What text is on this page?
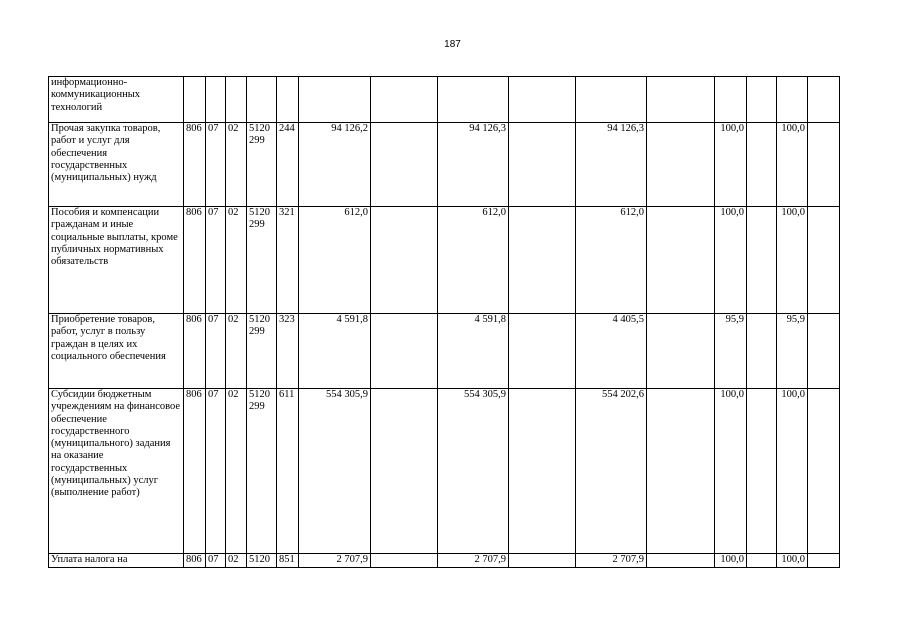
187
информационно-коммуникационных технологий															
Прочая закупка товаров, работ и услуг для обеспечения государственных (муниципальных) нужд	806	07	02	5120 299	244	94 126,2		94 126,3		94 126,3		100,0		100,0	
Пособия и компенсации гражданам и иные социальные выплаты, кроме публичных нормативных обязательств	806	07	02	5120 299	321	612,0		612,0		612,0		100,0		100,0	
Приобретение товаров, работ, услуг в пользу граждан в целях их социального обеспечения	806	07	02	5120 299	323	4 591,8		4 591,8		4 405,5		95,9		95,9	
Субсидии бюджетным учреждениям на финансовое обеспечение государственного (муниципального) задания на оказание государственных (муниципальных) услуг (выполнение работ)	806	07	02	5120 299	611	554 305,9		554 305,9		554 202,6		100,0		100,0	
Уплата налога на	806	07	02	5120	851	2 707,9		2 707,9		2 707,9		100,0		100,0	
